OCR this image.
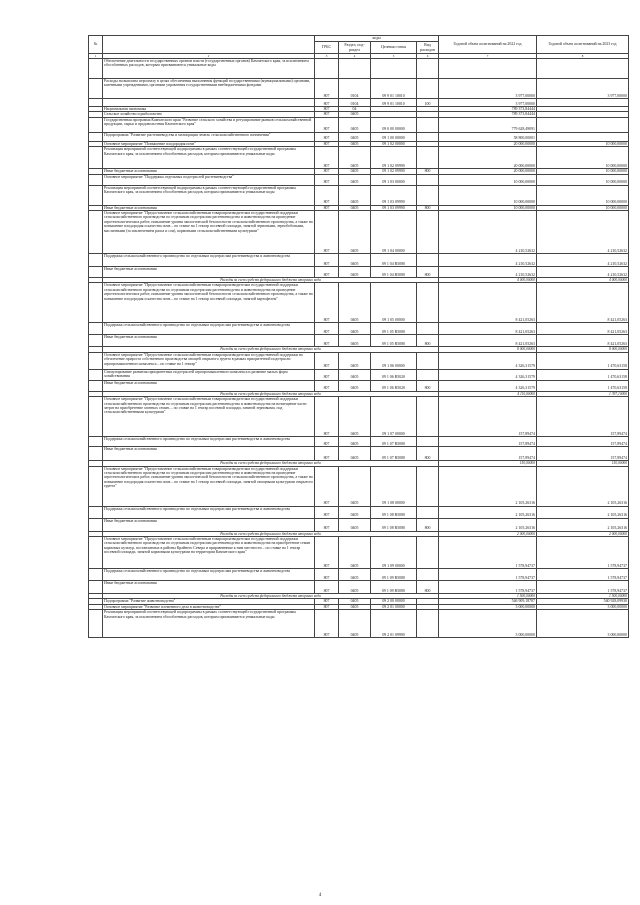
№		коды				Годовой объем ассигнований на 2022 год	Годовой объем ассигнований на 2023 год
		ГРБС	Раздел, под-раздел	Целевая статья	Вид расходов		
1	2	3	4	5	6	7	8
	Обеспечение деятельности государственных органов власти (государственных органов) Камчатского края, за исключением обособленных расходов, которым присваиваются уникальные коды						
	Расходы на выплаты персоналу в целях обеспечения выполнения функций государственными (муниципальными) органами, казенными учреждениями, органами управления государственными внебюджетными фондами	807	0104	09 9 01 10010		3 977,00000	3 977,00000
		807	0104	09 9 01 10010	100	3 977,00000	
	Национальная экономика	807	04			789 373,84444	
	Сельское хозяйство и рыболовство	807	0405			789 373,84444	
	Государственная программа Камчатского края "Развитие сельского хозяйства и регулирование рынков сельскохозяйственной продукции, сырья и продовольствия Камчатского края"	807	0405	09 0 00 00000		779 628,49091	
	Подпрограмма "Развитие растениеводства и мелиорация земель сельскохозяйственного назначения"	807	0405	09 1 00 00000		58 800,00001	
	Основное мероприятие "Повышение плодородия почв"	807	0405	09 1 02 00000		20 000,00000	10 000,00000
	Реализация мероприятий соответствующей подпрограммы в рамках соответствующей государственной программы Камчатского края, за исключением обособленных расходов, которым присваиваются уникальные коды	807	0405	09 1 02 09990		20 000,00000	10 000,00000
	Иные бюджетные ассигнования	807	0405	09 1 02 09990	800	20 000,00000	10 000,00000
	Основное мероприятие "Поддержка отдельных подотраслей растениеводства"	807	0405	09 1 03 00000		10 000,00000	10 000,00000
	Реализация мероприятий соответствующей подпрограммы в рамках соответствующей государственной программы Камчатского края, за исключением обособленных расходов, которым присваиваются уникальные коды	807	0405	09 1 03 09990		10 000,00000	10 000,00000
	Иные бюджетные ассигнования	807	0405	09 1 03 09990	800	10 000,00000	10 000,00000
	Основное мероприятие "Предоставление сельскохозяйственным товаропроизводителям государственной поддержки сельскохозяйственного производства по отдельным подотраслям растениеводства и животноводства на проведение агротехнологических работ, повышение уровня экологической безопасности сельскохозяйственного производства, а также на повышение плодородия и качества почв – по ставке на 1 гектар посевной площади, занятой зерновыми, зернобобовыми, масличными (за исключением рапса и сои), кормовыми сельскохозяйственными культурами"	807	0405	09 1 04 00000		4 210,52632	4 210,52632
	Поддержка сельскохозяйственного производства по отдельным подотраслям растениеводства и животноводства	807	0405	09 1 04 R5080		4 210,52632	4 210,52632
	Иные бюджетные ассигнования	807	0405	09 1 04 R5080	800	4 210,52632	4 210,52632
	Расходы за счет средств федерального бюджета вторично кода					4 000,00000	4 000,00000
	Основное мероприятие "Предоставление сельскохозяйственным товаропроизводителям государственной поддержки сельскохозяйственного производства по отдельным подотраслям растениеводства и животноводства на проведение агротехнологических работ, повышение уровня экологической безопасности сельскохозяйственного производства, а также на повышение плодородия и качества почв – по ставке на 1 гектар посевной площади, занятой картофелем"	807	0405	09 1 05 00000		8 421,05263	8 421,05263
	Поддержка сельскохозяйственного производства по отдельным подотраслям растениеводства и животноводства	807	0405	09 1 05 R5080		8 421,05263	8 421,05263
	Иные бюджетные ассигнования	807	0405	09 1 05 R5080	800	8 421,05263	8 421,05263
	Расходы за счет средств федерального бюджета вторично кода					8 000,00000	8 000,00000
	Основное мероприятие "Предоставление сельскохозяйственным товаропроизводителям государственной поддержки на обеспечение прироста собственного производства овощей открытого грунта в рамках приоритетной подотрасли агропромышленного комплекса – по ставке на 1 гектар"	807	0405	09 1 06 00000		4 326,31579	1 470,63158
	Стимулирование развития приоритетных подотраслей агропромышленного комплекса и развитие малых форм хозяйствования	807	0405	09 1 06 R5020		4 326,31579	1 470,63158
	Иные бюджетные ассигнования	807	0405	09 1 06 R5020	800	4 326,31579	1 470,63158
	Расходы за счет средств федерального бюджета вторично кода					4 110,00000	1 397,10000
	Основное мероприятие "Предоставление сельскохозяйственным товаропроизводителям государственной поддержки сельскохозяйственного производства по отдельным подотраслям растениеводства и животноводства на возмещение части затрат на приобретение элитных семян, – по ставке на 1 гектар посевной площади, занятой зерновыми, под сельскохозяйственными культурами"	807	0405	09 1 07 00000		157,89474	157,89474
	Поддержка сельскохозяйственного производства по отдельным подотраслям растениеводства и животноводства	807	0405	09 1 07 R5080		157,89474	157,89474
	Иные бюджетные ассигнования	807	0405	09 1 07 R5080	800	157,89474	157,89474
	Расходы за счет средств федерального бюджета вторично кода					150,00000	150,00000
	Основное мероприятие "Предоставление сельскохозяйственным товаропроизводителям государственной поддержки сельскохозяйственного производства по отдельным подотраслям растениеводства и животноводства на проведение агротехнологических работ, повышение уровня экологической безопасности сельскохозяйственного производства, а также на повышение плодородия и качества почв – по ставке на 1 гектар посевной площади, занятой овощными культурами открытого грунта"	807	0405	09 1 08 00000		2 105,26316	2 105,26316
	Поддержка сельскохозяйственного производства по отдельным подотраслям растениеводства и животноводства	807	0405	09 1 08 R5080		2 105,26316	2 105,26316
	Иные бюджетные ассигнования	807	0405	09 1 08 R5080	800	2 105,26316	2 105,26316
	Расходы за счет средств федерального бюджета вторично кода					2 000,00000	2 000,00000
	Основное мероприятие "Предоставление сельскохозяйственным товаропроизводителям государственной поддержки сельскохозяйственного производства по отдельным подотраслям растениеводства и животноводства на приобретение семян кормовых культур, поставляемых в районы Крайнего Севера и приравненные к ним местности – по ставке на 1 гектар посевной площади, занятой кормовыми культурами на территории Камчатского края"	807	0405	09 1 09 00000		1 578,94737	1 578,94737
	Поддержка сельскохозяйственного производства по отдельным подотраслям растениеводства и животноводства	807	0405	09 1 09 R5080		1 578,94737	1 578,94737
	Иные бюджетные ассигнования	807	0405	09 1 09 R5080	800	1 578,94737	1 578,94737
	Расходы за счет средств федерального бюджета вторично кода					1 500,00000	1 500,00000
	Подпрограмма "Развитие животноводства"	807	0405	09 2 00 00000		546 909,18787	540 928,09930
	Основное мероприятие "Развитие племенного дела в животноводстве"	807	0405	09 2 01 00000		3 000,00000	3 000,00000
	Реализация мероприятий соответствующей подпрограммы в рамках соответствующей государственной программы Камчатского края, за исключением обособленных расходов, которым присваиваются уникальные коды	807	0405	09 2 01 09990		3 000,00000	3 000,00000
4
